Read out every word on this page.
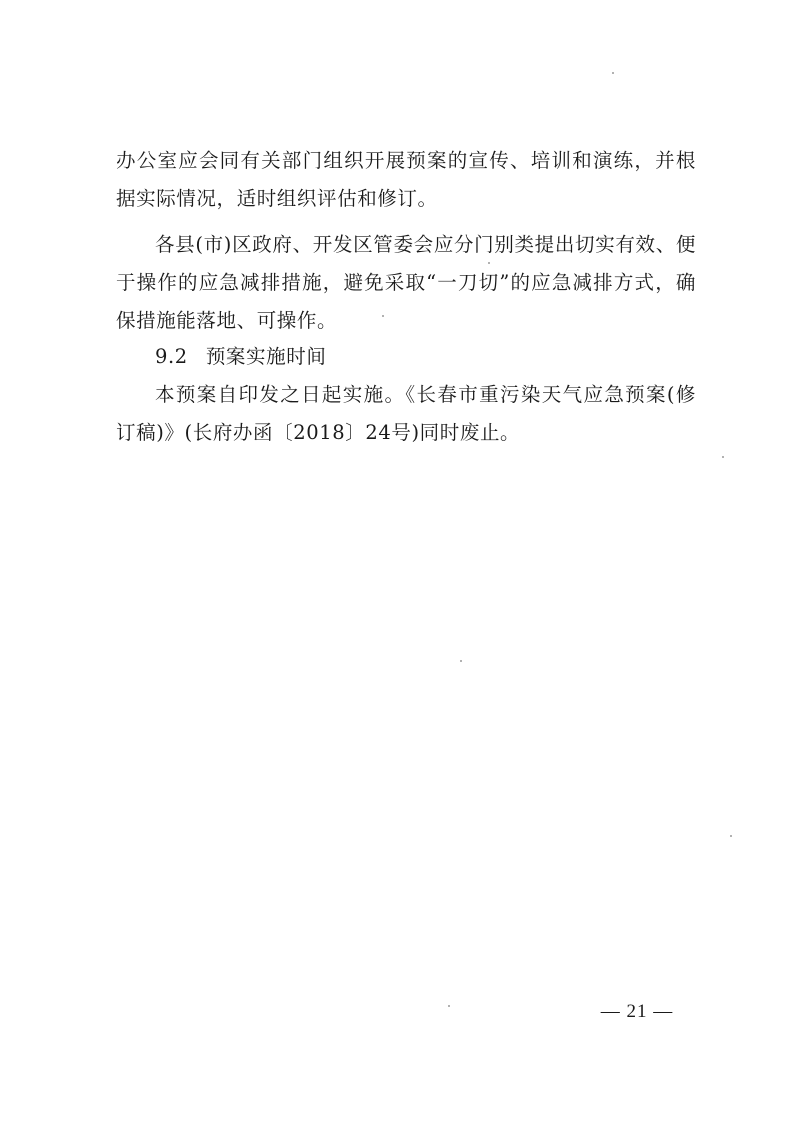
办公室应会同有关部门组织开展预案的宣传、培训和演练，并根据实际情况，适时组织评估和修订。

各县(市)区政府、开发区管委会应分门别类提出切实有效、便于操作的应急减排措施，避免采取“一刀切”的应急减排方式，确保措施能落地、可操作。

9.2 预案实施时间

本预案自印发之日起实施。《长春市重污染天气应急预案(修订稿)》(长府办函〔2018〕24号)同时废止。

— 21 —
